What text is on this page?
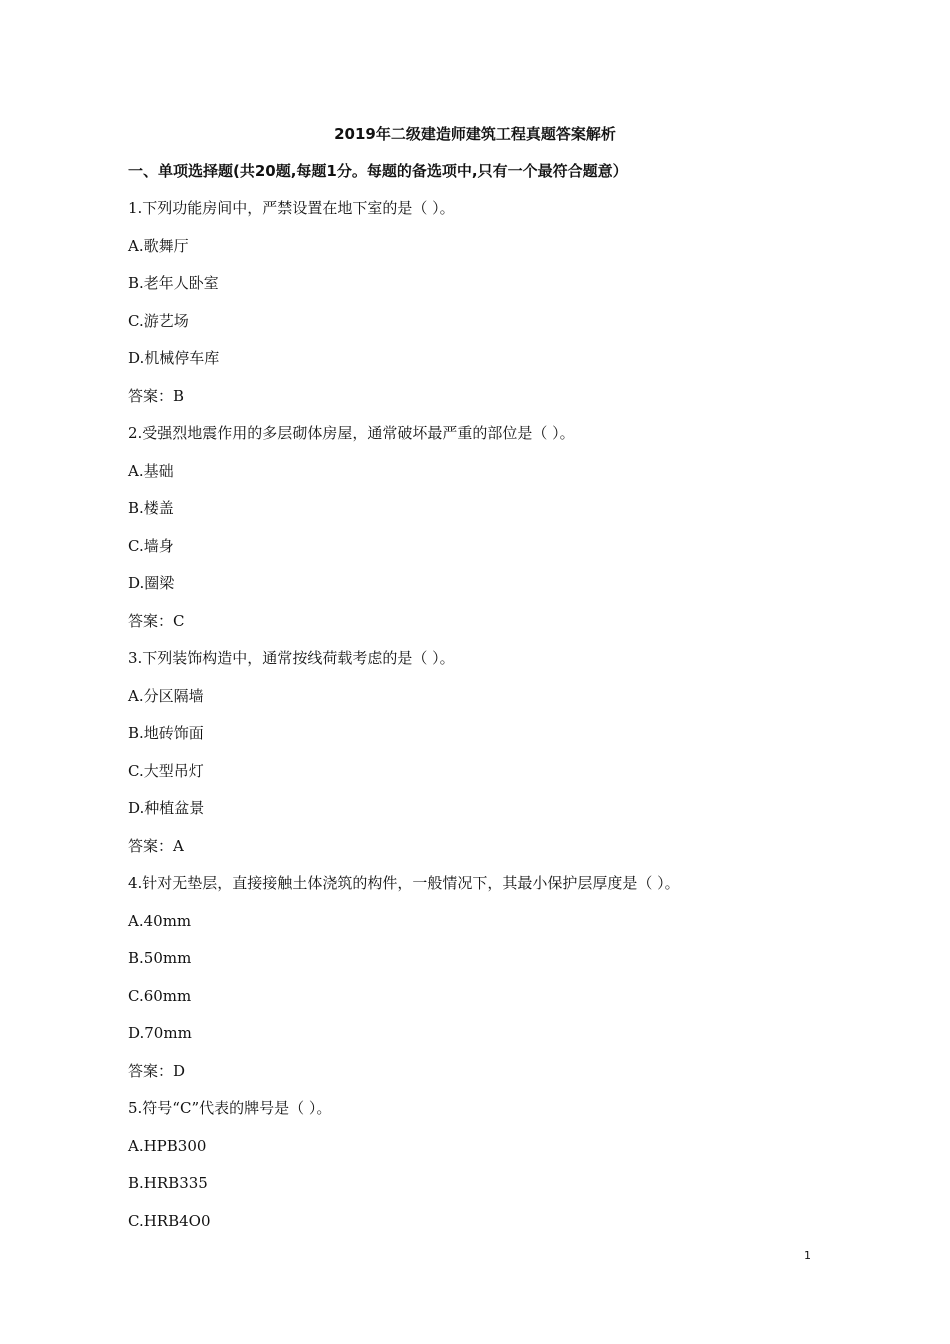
2019年二级建造师建筑工程真题答案解析
一、单项选择题(共20题,每题1分。每题的备选项中,只有一个最符合题意）
1.下列功能房间中，严禁设置在地下室的是（ ）。
A.歌舞厅
B.老年人卧室
C.游艺场
D.机械停车库
答案：B
2.受强烈地震作用的多层砌体房屋，通常破坏最严重的部位是（ ）。
A.基础
B.楼盖
C.墙身
D.圈梁
答案：C
3.下列装饰构造中，通常按线荷载考虑的是（ ）。
A.分区隔墙
B.地砖饰面
C.大型吊灯
D.种植盆景
答案：A
4.针对无垫层，直接接触土体浇筑的构件，一般情况下，其最小保护层厚度是（ ）。
A.40mm
B.50mm
C.60mm
D.70mm
答案：D
5.符号“C”代表的牌号是（ ）。
A.HPB300
B.HRB335
C.HRB4O0
1
